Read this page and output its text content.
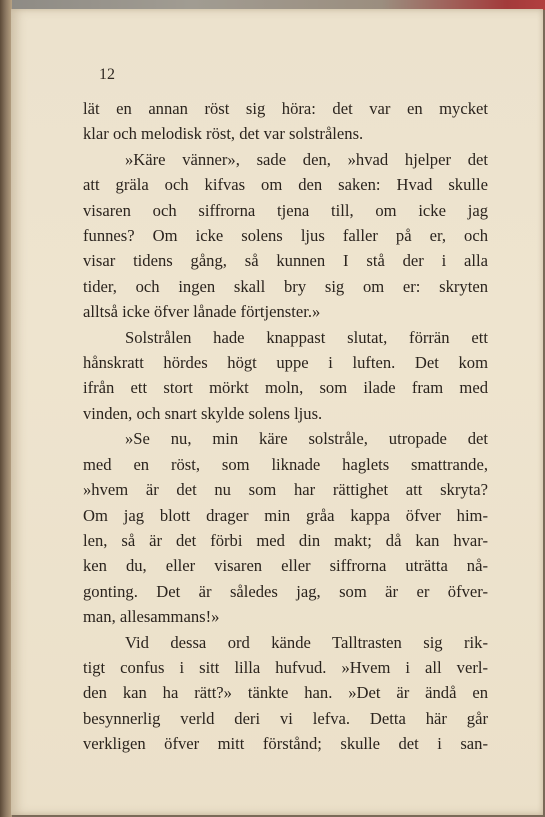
12
lät en annan röst sig höra: det var en mycket
klar och melodisk röst, det var solstrålens.
»Käre vänner», sade den, »hvad hjelper det
att gräla och kifvas om den saken: Hvad skulle
visaren och siffrorna tjena till, om icke jag
funnes? Om icke solens ljus faller på er, och
visar tidens gång, så kunnen I stå der i alla
tider, och ingen skall bry sig om er: skryten
alltså icke öfver lånade förtjenster.»
Solstrålen hade knappast slutat, förrän ett
hånskratt hördes högt uppe i luften. Det kom
ifrån ett stort mörkt moln, som ilade fram med
vinden, och snart skylde solens ljus.
»Se nu, min käre solstråle, utropade det
med en röst, som liknade haglets smattrande,
»hvem är det nu som har rättighet att skryta?
Om jag blott drager min gråa kappa öfver him-
len, så är det förbi med din makt; då kan hvar-
ken du, eller visaren eller siffrorna uträtta nå-
gonting. Det är således jag, som är er öfver-
man, allesammans!»
Vid dessa ord kände Talltrasten sig rik-
tigt confus i sitt lilla hufvud. »Hvem i all verl-
den kan ha rätt?» tänkte han. »Det är ändå en
besynnerlig verld deri vi lefva. Detta här går
verkligen öfver mitt förstånd; skulle det i san-
